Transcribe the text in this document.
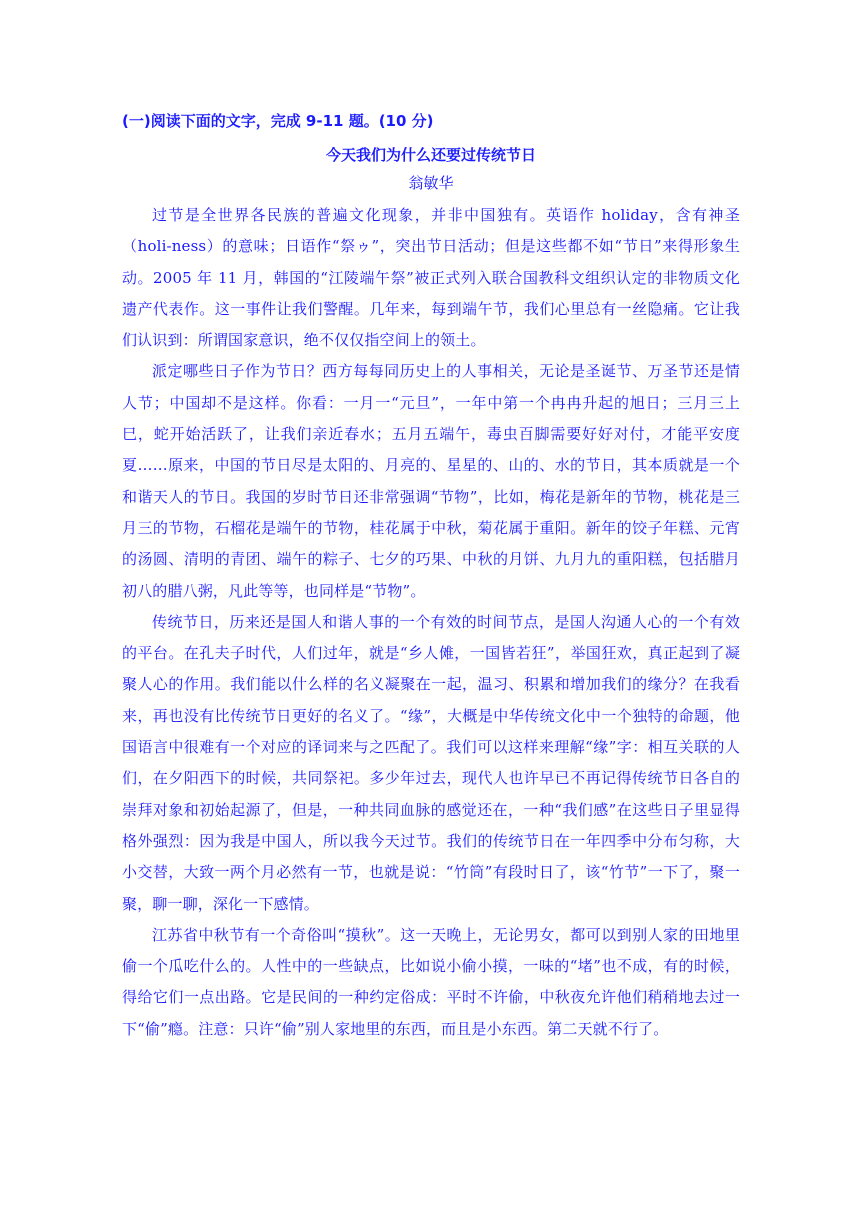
(一)阅读下面的文字，完成 9-11 题。(10 分)

今天我们为什么还要过传统节日

翁敏华

过节是全世界各民族的普遍文化现象，并非中国独有。英语作 holiday，含有神圣（holi-ness）的意味；日语作“祭ゥ”，突出节日活动；但是这些都不如“节日”来得形象生动。2005 年 11 月，韩国的“江陵端午祭”被正式列入联合国教科文组织认定的非物质文化遗产代表作。这一事件让我们警醒。几年来，每到端午节，我们心里总有一丝隐痛。它让我们认识到：所谓国家意识，绝不仅仅指空间上的领土。

派定哪些日子作为节日？西方每每同历史上的人事相关，无论是圣诞节、万圣节还是情人节；中国却不是这样。你看：一月一“元旦”，一年中第一个冉冉升起的旭日；三月三上巳，蛇开始活跃了，让我们亲近春水；五月五端午，毒虫百脚需要好好对付，才能平安度夏……原来，中国的节日尽是太阳的、月亮的、星星的、山的、水的节日，其本质就是一个和谐天人的节日。我国的岁时节日还非常强调“节物”，比如，梅花是新年的节物，桃花是三月三的节物，石榴花是端午的节物，桂花属于中秋，菊花属于重阳。新年的饺子年糕、元宵的汤圆、清明的青团、端午的粽子、七夕的巧果、中秋的月饼、九月九的重阳糕，包括腊月初八的腊八粥，凡此等等，也同样是“节物”。

传统节日，历来还是国人和谐人事的一个有效的时间节点，是国人沟通人心的一个有效的平台。在孔夫子时代，人们过年，就是“乡人傩，一国皆若狂”，举国狂欢，真正起到了凝聚人心的作用。我们能以什么样的名义凝聚在一起，温习、积累和增加我们的缘分？在我看来，再也没有比传统节日更好的名义了。“缘”，大概是中华传统文化中一个独特的命题，他国语言中很难有一个对应的译词来与之匹配了。我们可以这样来理解“缘”字：相互关联的人们，在夕阳西下的时候，共同祭祀。多少年过去，现代人也许早已不再记得传统节日各自的崇拜对象和初始起源了，但是，一种共同血脉的感觉还在，一种“我们感”在这些日子里显得格外强烈：因为我是中国人，所以我今天过节。我们的传统节日在一年四季中分布匀称，大小交替，大致一两个月必然有一节，也就是说：“竹筒”有段时日了，该“竹节”一下了，聚一聚，聊一聊，深化一下感情。

江苏省中秋节有一个奇俗叫“摸秋”。这一天晚上，无论男女，都可以到别人家的田地里偷一个瓜吃什么的。人性中的一些缺点，比如说小偷小摸，一味的“堵”也不成，有的时候，得给它们一点出路。它是民间的一种约定俗成：平时不许偷，中秋夜允许他们稍稍地去过一下“偷”瘾。注意：只许“偷”别人家地里的东西，而且是小东西。第二天就不行了。
